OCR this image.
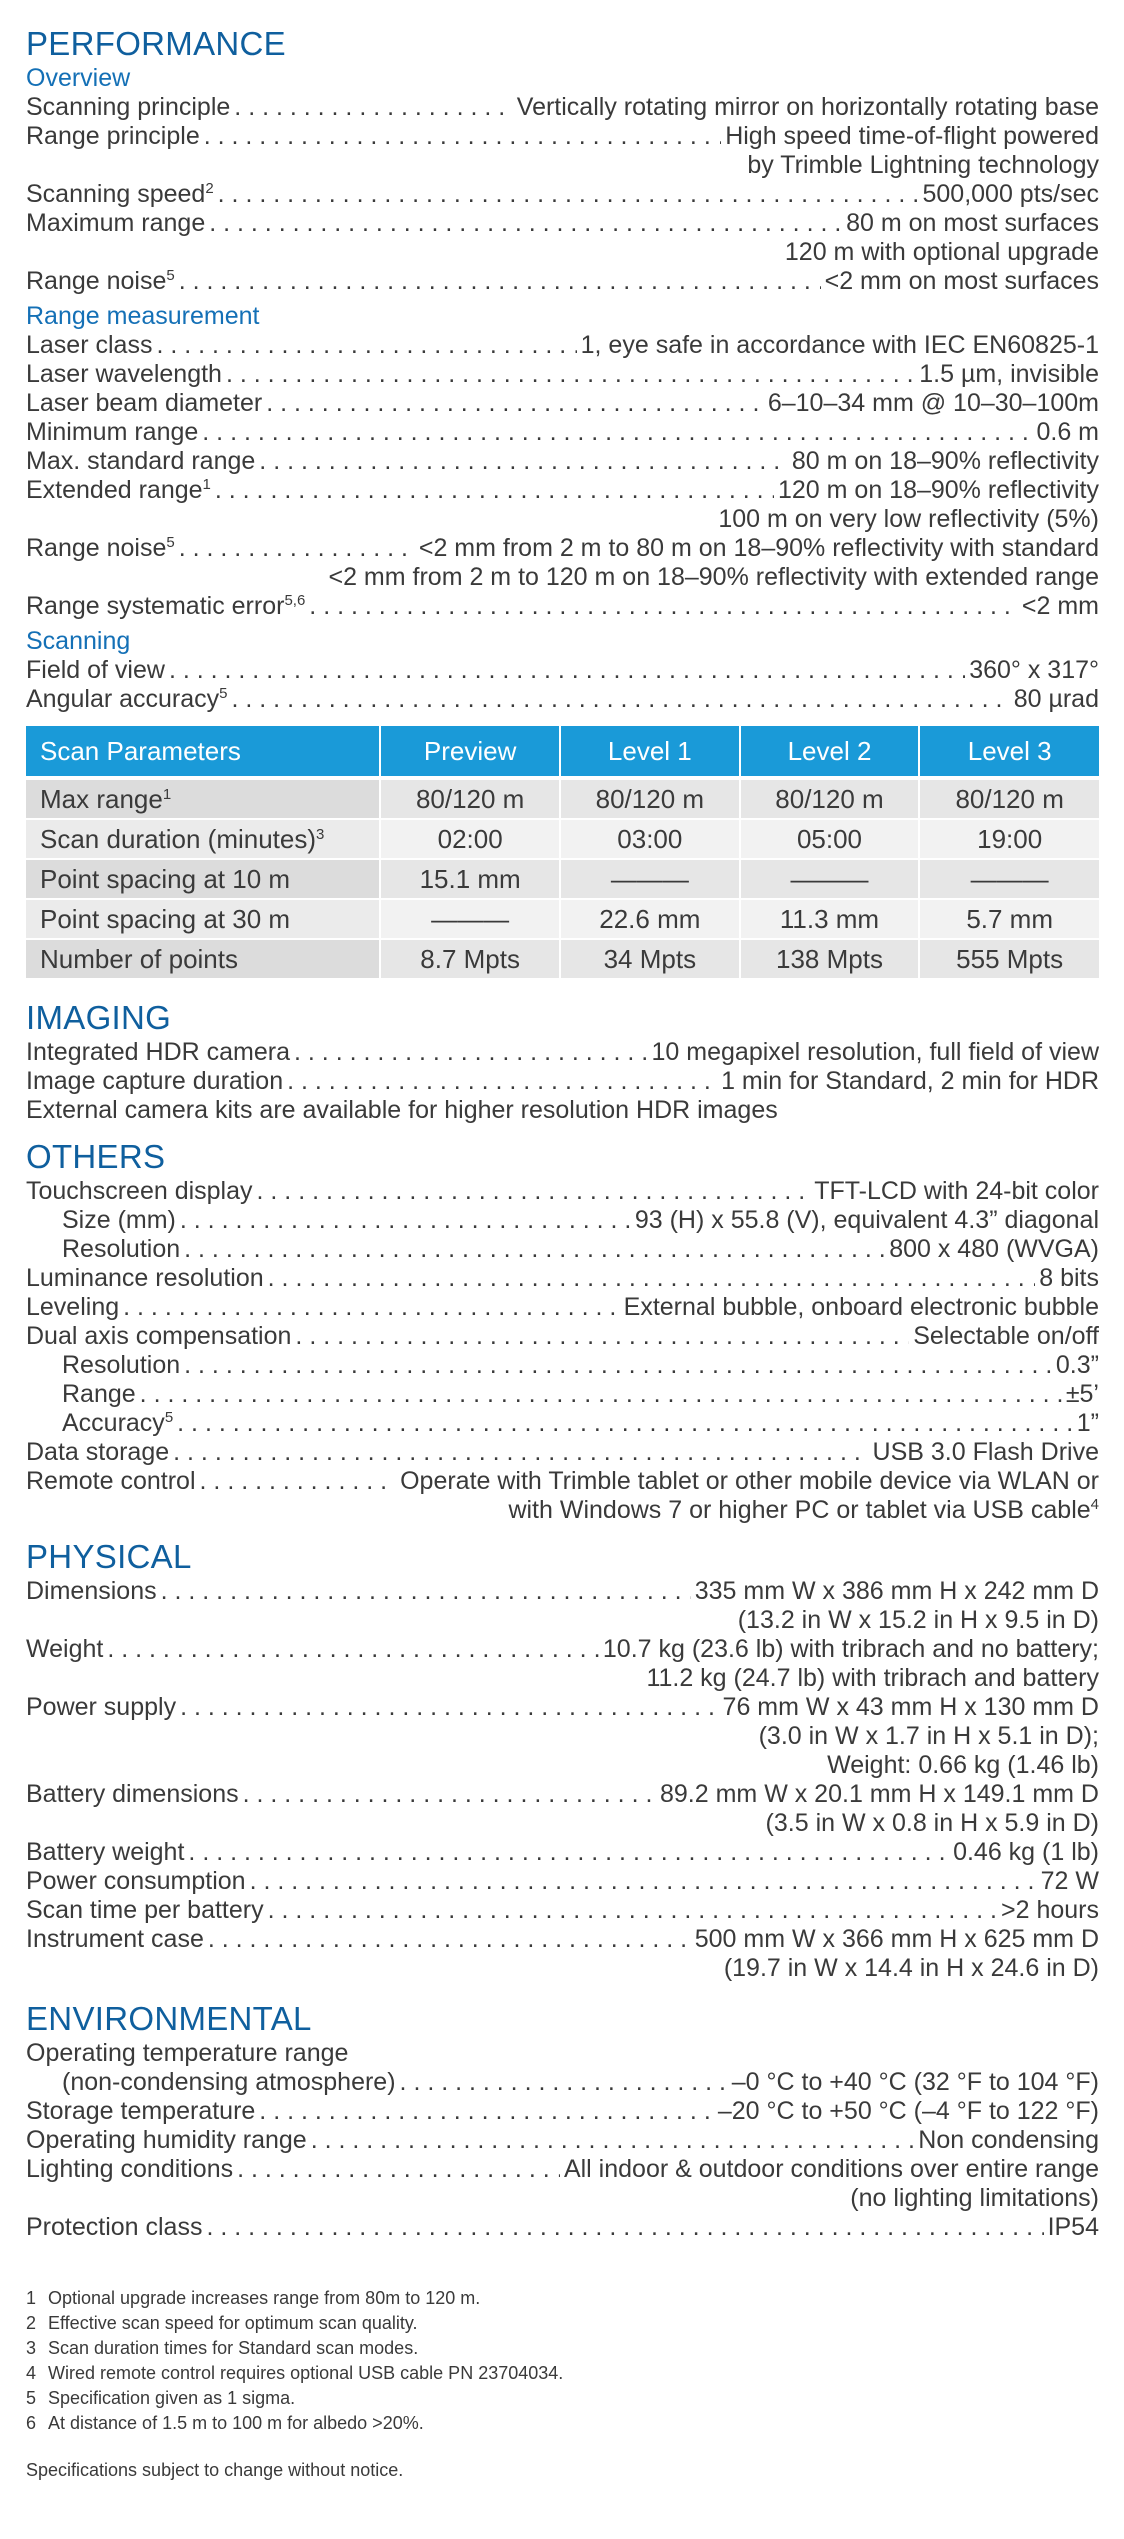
PERFORMANCE
Overview
Scanning principle . . .	Vertically rotating mirror on horizontally rotating base
Range principle . . .	High speed time-of-flight powered
by Trimble Lightning technology
Scanning speed$^2$ . . .	500,000 pts/sec
Maximum range . . .	80 m on most surfaces
120 m with optional upgrade
Range noise$^5$ . . .	<2 mm on most surfaces
Range measurement
Laser class . . .	1, eye safe in accordance with IEC EN60825-1
Laser wavelength . . .	1.5 µm, invisible
Laser beam diameter . . .	6–10–34 mm @ 10–30–100m
Minimum range . . .	0.6 m
Max. standard range . . .	80 m on 18–90% reflectivity
Extended range$^1$ . . .	120 m on 18–90% reflectivity
100 m on very low reflectivity (5%)
Range noise$^5$ . . .	<2 mm from 2 m to 80 m on 18–90% reflectivity with standard
<2 mm from 2 m to 120 m on 18–90% reflectivity with extended range
Range systematic error$^{5,6}$ . . .	<2 mm
Scanning
Field of view . . .	360° x 317°
Angular accuracy$^5$ . . .	80 µrad
Scan Parameters	Preview	Level 1	Level 2	Level 3
Max range$^1$	80/120 m	80/120 m	80/120 m	80/120 m
Scan duration (minutes)$^3$	02:00	03:00	05:00	19:00
Point spacing at 10 m	15.1 mm	———	———	———
Point spacing at 30 m	———	22.6 mm	11.3 mm	5.7 mm
Number of points	8.7 Mpts	34 Mpts	138 Mpts	555 Mpts
IMAGING
Integrated HDR camera . . .	10 megapixel resolution, full field of view
Image capture duration . . .	1 min for Standard, 2 min for HDR
External camera kits are available for higher resolution HDR images
OTHERS
Touchscreen display . . .	TFT-LCD with 24-bit color
Size (mm) . . .	93 (H) x 55.8 (V), equivalent 4.3” diagonal
Resolution . . .	800 x 480 (WVGA)
Luminance resolution . . .	8 bits
Leveling . . .	External bubble, onboard electronic bubble
Dual axis compensation . . .	Selectable on/off
Resolution . . .	0.3”
Range . . .	±5’
Accuracy$^5$ . . .	1”
Data storage . . .	USB 3.0 Flash Drive
Remote control . . .	Operate with Trimble tablet or other mobile device via WLAN or
with Windows 7 or higher PC or tablet via USB cable$^4$
PHYSICAL
Dimensions . . .	335 mm W x 386 mm H x 242 mm D
(13.2 in W x 15.2 in H x 9.5 in D)
Weight . . .	10.7 kg (23.6 lb) with tribrach and no battery;
11.2 kg (24.7 lb) with tribrach and battery
Power supply . . .	76 mm W x 43 mm H x 130 mm D
(3.0 in W x 1.7 in H x 5.1 in D);
Weight: 0.66 kg (1.46 lb)
Battery dimensions . . .	89.2 mm W x 20.1 mm H x 149.1 mm D
(3.5 in W x 0.8 in H x 5.9 in D)
Battery weight . . .	0.46 kg (1 lb)
Power consumption . . .	72 W
Scan time per battery . . .	>2 hours
Instrument case . . .	500 mm W x 366 mm H x 625 mm D
(19.7 in W x 14.4 in H x 24.6 in D)
ENVIRONMENTAL
Operating temperature range
(non-condensing atmosphere) . . .	–0 °C to +40 °C (32 °F to 104 °F)
Storage temperature . . .	–20 °C to +50 °C (–4 °F to 122 °F)
Operating humidity range . . .	Non condensing
Lighting conditions . . .	All indoor & outdoor conditions over entire range
(no lighting limitations)
Protection class . . .	IP54
1 Optional upgrade increases range from 80m to 120 m.
2 Effective scan speed for optimum scan quality.
3 Scan duration times for Standard scan modes.
4 Wired remote control requires optional USB cable PN 23704034.
5 Specification given as 1 sigma.
6 At distance of 1.5 m to 100 m for albedo >20%.
Specifications subject to change without notice.
